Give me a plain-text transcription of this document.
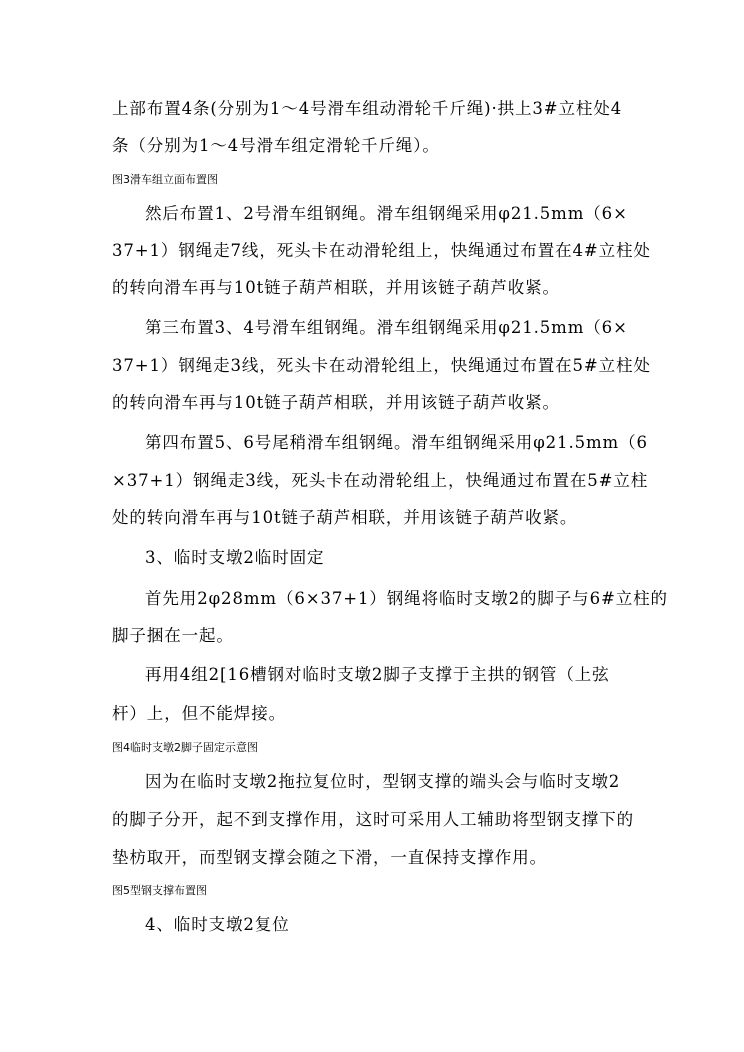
上部布置4条(分别为1～4号滑车组动滑轮千斤绳)·拱上3#立柱处4
条（分别为1～4号滑车组定滑轮千斤绳）。
图3滑车组立面布置图
然后布置1、2号滑车组钢绳。滑车组钢绳采用φ21.5mm（6×
37+1）钢绳走7线，死头卡在动滑轮组上，快绳通过布置在4#立柱处
的转向滑车再与10t链子葫芦相联，并用该链子葫芦收紧。
第三布置3、4号滑车组钢绳。滑车组钢绳采用φ21.5mm（6×
37+1）钢绳走3线，死头卡在动滑轮组上，快绳通过布置在5#立柱处
的转向滑车再与10t链子葫芦相联，并用该链子葫芦收紧。
第四布置5、6号尾稍滑车组钢绳。滑车组钢绳采用φ21.5mm（6
×37+1）钢绳走3线，死头卡在动滑轮组上，快绳通过布置在5#立柱
处的转向滑车再与10t链子葫芦相联，并用该链子葫芦收紧。
3、临时支墩2临时固定
首先用2φ28mm（6×37+1）钢绳将临时支墩2的脚子与6#立柱的
脚子捆在一起。
再用4组2[16槽钢对临时支墩2脚子支撑于主拱的钢管（上弦
杆）上，但不能焊接。
图4临时支墩2脚子固定示意图
因为在临时支墩2拖拉复位时，型钢支撑的端头会与临时支墩2
的脚子分开，起不到支撑作用，这时可采用人工辅助将型钢支撑下的
垫枋取开，而型钢支撑会随之下滑，一直保持支撑作用。
图5型钢支撑布置图
4、临时支墩2复位
